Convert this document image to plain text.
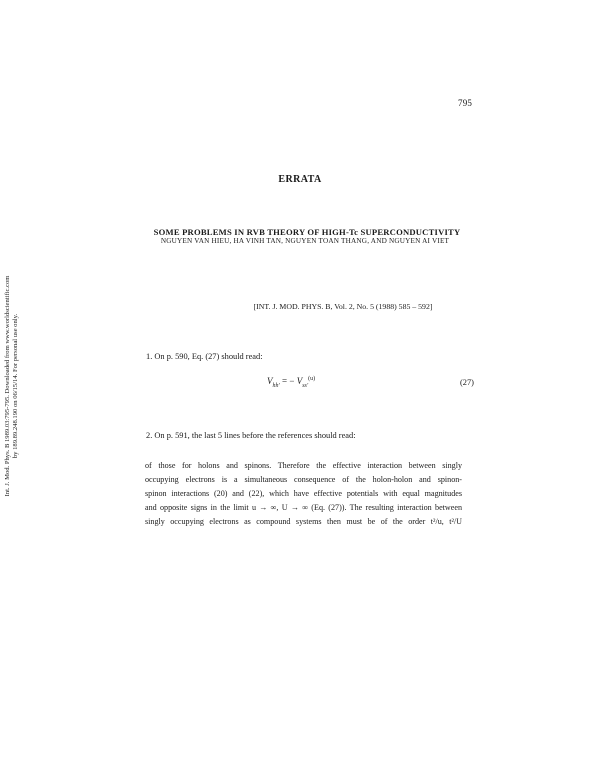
795
Int. J. Mod. Phys. B 1989.03:795-795. Downloaded from www.worldscientific.com by 189.89.248.190 on 06/15/14. For personal use only.
ERRATA
SOME PROBLEMS IN RVB THEORY OF HIGH-Tc SUPERCONDUCTIVITY
NGUYEN VAN HIEU, HA VINH TAN, NGUYEN TOAN THANG, AND NGUYEN AI VIET
[INT. J. MOD. PHYS. B, Vol. 2, No. 5 (1988) 585 – 592]
1. On p. 590, Eq. (27) should read:
$V_{hh'}$ = − $V_{ss'}^{(u)}$	(27)
2. On p. 591, the last 5 lines before the references should read:
of those for holons and spinons. Therefore the effective interaction between singly
occupying electrons is a simultaneous consequence of the holon-holon and spinon-
spinon interactions (20) and (22), which have effective potentials with equal magnitudes
and opposite signs in the limit u → ∞, U → ∞ (Eq. (27)). The resulting interaction between
singly occupying electrons as compound systems then must be of the order t²/u, t²/U
